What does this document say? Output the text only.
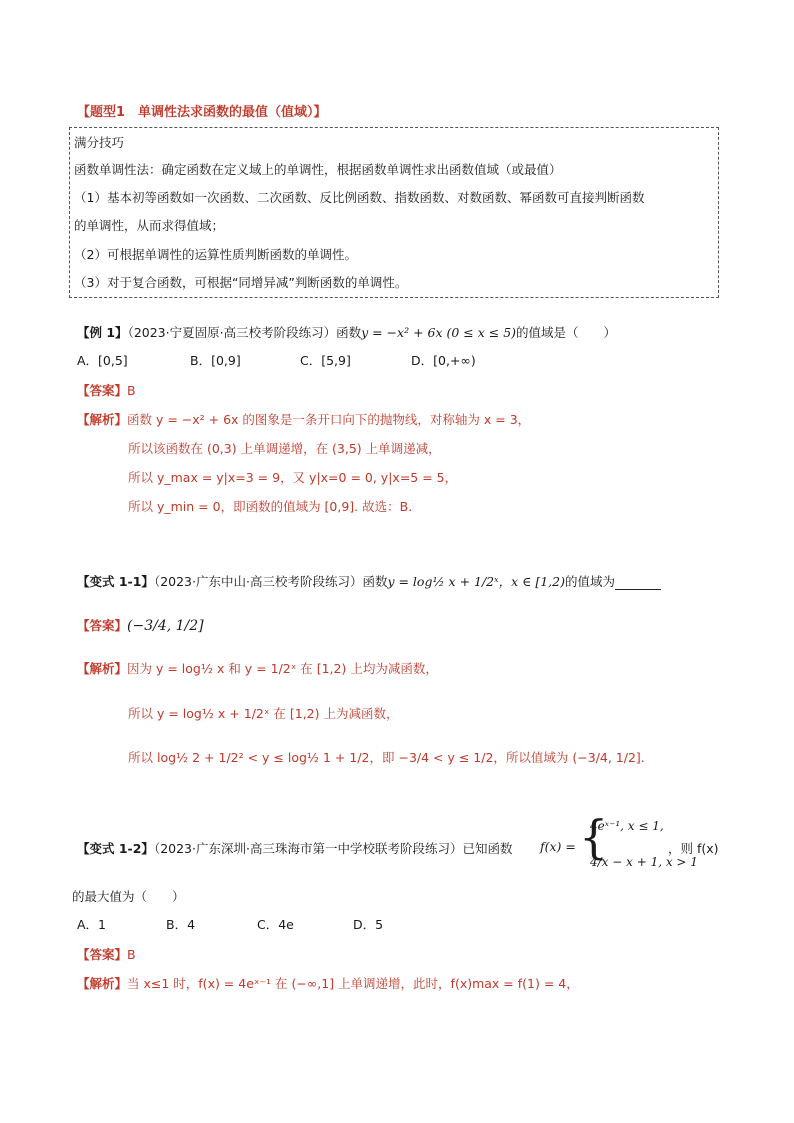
【题型1　单调性法求函数的最值（值域）】
满分技巧
函数单调性法：确定函数在定义域上的单调性，根据函数单调性求出函数值域（或最值）
（1）基本初等函数如一次函数、二次函数、反比例函数、指数函数、对数函数、幂函数可直接判断函数
的单调性，从而求得值域；
（2）可根据单调性的运算性质判断函数的单调性。
（3）对于复合函数，可根据“同增异减”判断函数的单调性。
【例 1】（2023·宁夏固原·高三校考阶段练习）函数y = −x² + 6x (0 ≤ x ≤ 5)的值域是（　　）
A．[0,5]	B．[0,9]	C．[5,9]	D．[0,+∞)
【答案】B
【解析】函数 y = −x² + 6x 的图象是一条开口向下的抛物线，对称轴为 x = 3，
所以该函数在 (0,3) 上单调递增，在 (3,5) 上单调递减，
所以 y_max = y|x=3 = 9，又 y|x=0 = 0, y|x=5 = 5，
所以 y_min = 0，即函数的值域为 [0,9]. 故选：B.
【变式 1-1】（2023·广东中山·高三校考阶段练习）函数y = log½ x + 1/2ˣ，x ∈ [1,2)的值域为
【答案】(−3/4, 1/2]
【解析】因为 y = log½ x 和 y = 1/2ˣ 在 [1,2) 上均为减函数，
所以 y = log½ x + 1/2ˣ 在 [1,2) 上为减函数，
所以 log½ 2 + 1/2² < y ≤ log½ 1 + 1/2，即 −3/4 < y ≤ 1/2，所以值域为 (−3/4, 1/2].
【变式 1-2】（2023·广东深圳·高三珠海市第一中学校联考阶段练习）已知函数 f(x) = {
4eˣ⁻¹, x ≤ 1,
4/x − x + 1, x > 1
，则 f(x)
的最大值为（　　）
A．1	B．4	C．4e	D．5
【答案】B
【解析】当 x≤1 时，f(x) = 4eˣ⁻¹ 在 (−∞,1] 上单调递增，此时，f(x)max = f(1) = 4，
